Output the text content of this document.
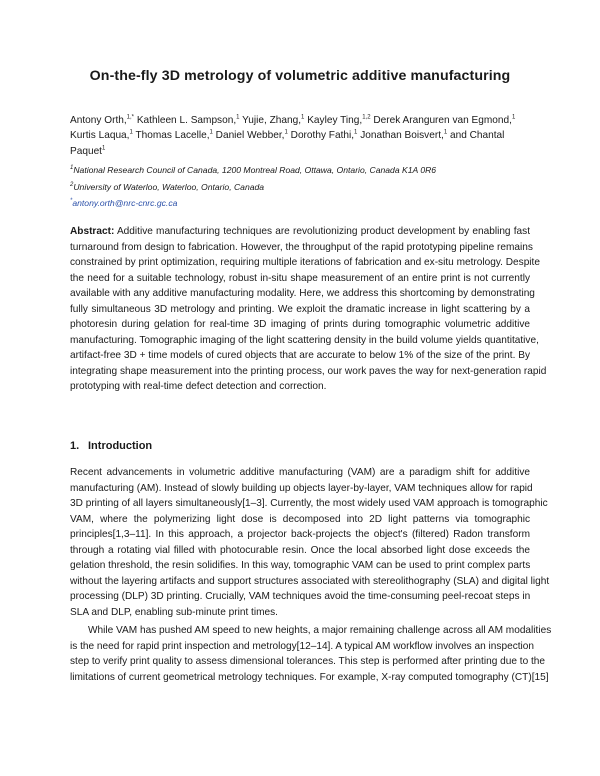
On-the-fly 3D metrology of volumetric additive manufacturing
Antony Orth,$^{1,*}$ Kathleen L. Sampson,$^1$ Yujie, Zhang,$^1$ Kayley Ting,$^{1,2}$ Derek Aranguren van Egmond,$^1$
Kurtis Laqua,$^1$ Thomas Lacelle,$^1$ Daniel Webber,$^1$ Dorothy Fathi,$^1$ Jonathan Boisvert,$^1$ and Chantal
Paquet$^1$
$^1$National Research Council of Canada, 1200 Montreal Road, Ottawa, Ontario, Canada K1A 0R6
$^2$University of Waterloo, Waterloo, Ontario, Canada
*antony.orth@nrc-cnrc.gc.ca
Abstract: Additive manufacturing techniques are revolutionizing product development by enabling fast
turnaround from design to fabrication. However, the throughput of the rapid prototyping pipeline remains
constrained by print optimization, requiring multiple iterations of fabrication and ex-situ metrology. Despite
the need for a suitable technology, robust in-situ shape measurement of an entire print is not currently
available with any additive manufacturing modality. Here, we address this shortcoming by demonstrating
fully simultaneous 3D metrology and printing. We exploit the dramatic increase in light scattering by a
photoresin during gelation for real-time 3D imaging of prints during tomographic volumetric additive
manufacturing. Tomographic imaging of the light scattering density in the build volume yields quantitative,
artifact-free 3D + time models of cured objects that are accurate to below 1% of the size of the print. By
integrating shape measurement into the printing process, our work paves the way for next-generation rapid
prototyping with real-time defect detection and correction.
1. Introduction
Recent advancements in volumetric additive manufacturing (VAM) are a paradigm shift for additive
manufacturing (AM). Instead of slowly building up objects layer-by-layer, VAM techniques allow for rapid
3D printing of all layers simultaneously[1–3]. Currently, the most widely used VAM approach is tomographic
VAM, where the polymerizing light dose is decomposed into 2D light patterns via tomographic
principles[1,3–11]. In this approach, a projector back-projects the object's (filtered) Radon transform
through a rotating vial filled with photocurable resin. Once the local absorbed light dose exceeds the
gelation threshold, the resin solidifies. In this way, tomographic VAM can be used to print complex parts
without the layering artifacts and support structures associated with stereolithography (SLA) and digital light
processing (DLP) 3D printing. Crucially, VAM techniques avoid the time-consuming peel-recoat steps in
SLA and DLP, enabling sub-minute print times.
While VAM has pushed AM speed to new heights, a major remaining challenge across all AM modalities
is the need for rapid print inspection and metrology[12–14]. A typical AM workflow involves an inspection
step to verify print quality to assess dimensional tolerances. This step is performed after printing due to the
limitations of current geometrical metrology techniques. For example, X-ray computed tomography (CT)[15]
